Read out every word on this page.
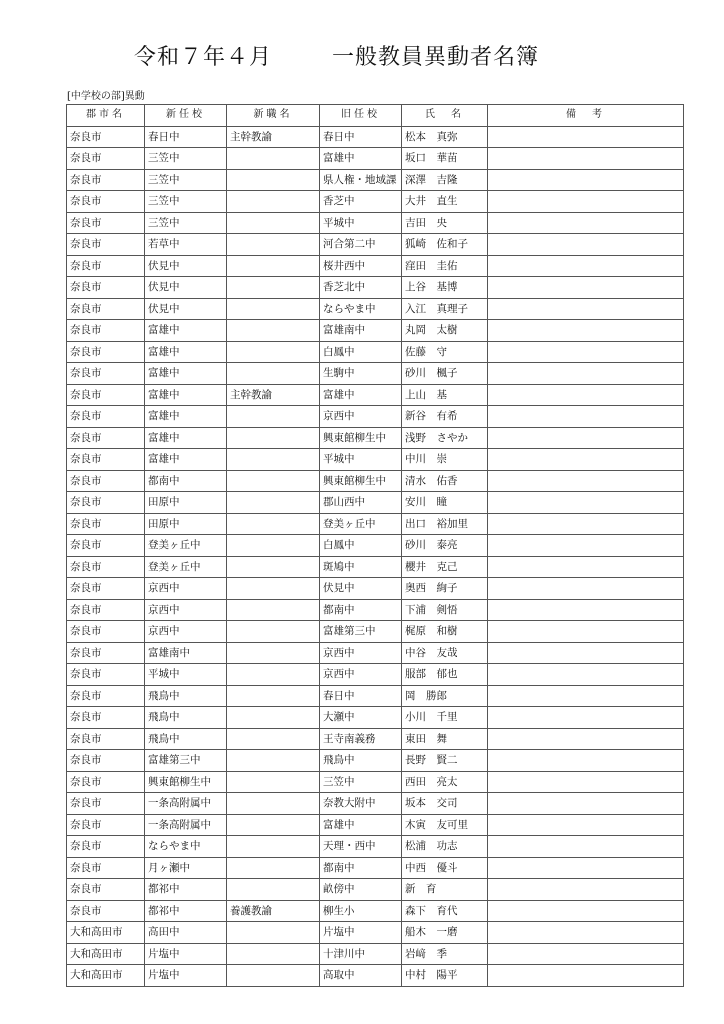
令和７年４月	一般教員異動者名簿
[中学校の部]異動
郡市名	新任校	新職名	旧任校	氏　名	備　考
奈良市	春日中	主幹教諭	春日中	松本　真弥	
奈良市	三笠中		富雄中	坂口　華苗	
奈良市	三笠中		県人権・地域課	深澤　吉隆	
奈良市	三笠中		香芝中	大井　直生	
奈良市	三笠中		平城中	吉田　央	
奈良市	若草中		河合第二中	狐崎　佐和子	
奈良市	伏見中		桜井西中	窪田　圭佑	
奈良市	伏見中		香芝北中	上谷　基博	
奈良市	伏見中		ならやま中	入江　真理子	
奈良市	富雄中		富雄南中	丸岡　太樹	
奈良市	富雄中		白鳳中	佐藤　守	
奈良市	富雄中		生駒中	砂川　楓子	
奈良市	富雄中	主幹教諭	富雄中	上山　基	
奈良市	富雄中		京西中	新谷　有希	
奈良市	富雄中		興東館柳生中	浅野　さやか	
奈良市	富雄中		平城中	中川　崇	
奈良市	都南中		興東館柳生中	清水　佑香	
奈良市	田原中		郡山西中	安川　瞳	
奈良市	田原中		登美ヶ丘中	出口　裕加里	
奈良市	登美ヶ丘中		白鳳中	砂川　泰亮	
奈良市	登美ヶ丘中		斑鳩中	櫻井　克己	
奈良市	京西中		伏見中	奥西　絢子	
奈良市	京西中		都南中	下浦　剣悟	
奈良市	京西中		富雄第三中	梶原　和樹	
奈良市	富雄南中		京西中	中谷　友哉	
奈良市	平城中		京西中	服部　郁也	
奈良市	飛鳥中		春日中	岡　勝郎	
奈良市	飛鳥中		大瀬中	小川　千里	
奈良市	飛鳥中		王寺南義務	東田　舞	
奈良市	富雄第三中		飛鳥中	長野　賢二	
奈良市	興東館柳生中		三笠中	西田　亮太	
奈良市	一条高附属中		奈教大附中	坂本　交司	
奈良市	一条高附属中		富雄中	木寅　友可里	
奈良市	ならやま中		天理・西中	松浦　功志	
奈良市	月ヶ瀬中		都南中	中西　優斗	
奈良市	都祁中		畝傍中	新　育	
奈良市	都祁中	養護教諭	柳生小	森下　育代	
大和高田市	高田中		片塩中	船木　一磨	
大和高田市	片塩中		十津川中	岩﨑　季	
大和高田市	片塩中		高取中	中村　陽平	
